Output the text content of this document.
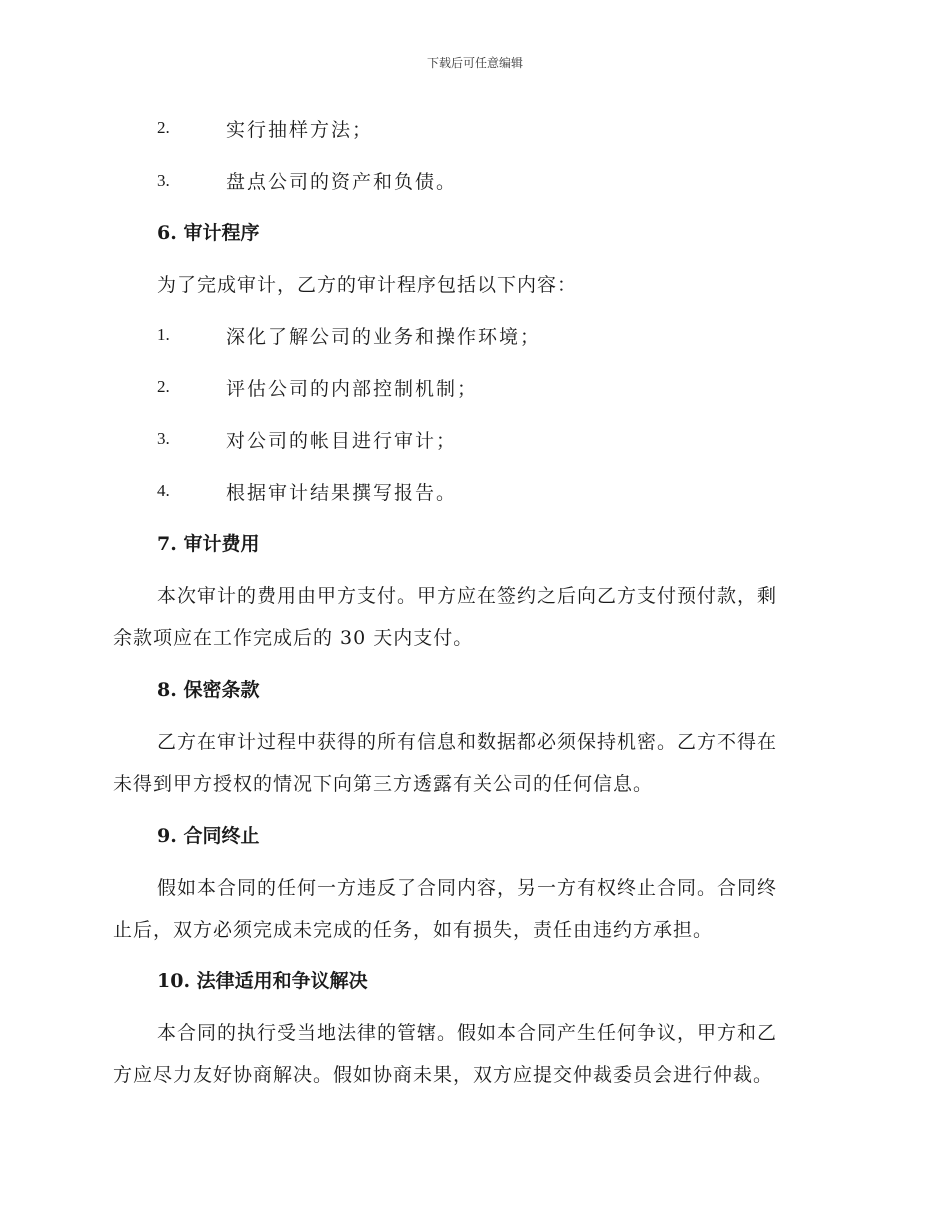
下载后可任意编辑
2.	实行抽样方法；
3.	盘点公司的资产和负债。
6. 审计程序
为了完成审计，乙方的审计程序包括以下内容：
1.	深化了解公司的业务和操作环境；
2.	评估公司的内部控制机制；
3.	对公司的帐目进行审计；
4.	根据审计结果撰写报告。
7. 审计费用
本次审计的费用由甲方支付。甲方应在签约之后向乙方支付预付款，剩
余款项应在工作完成后的 30 天内支付。
8. 保密条款
乙方在审计过程中获得的所有信息和数据都必须保持机密。乙方不得在
未得到甲方授权的情况下向第三方透露有关公司的任何信息。
9. 合同终止
假如本合同的任何一方违反了合同内容，另一方有权终止合同。合同终
止后，双方必须完成未完成的任务，如有损失，责任由违约方承担。
10. 法律适用和争议解决
本合同的执行受当地法律的管辖。假如本合同产生任何争议，甲方和乙
方应尽力友好协商解决。假如协商未果，双方应提交仲裁委员会进行仲裁。
